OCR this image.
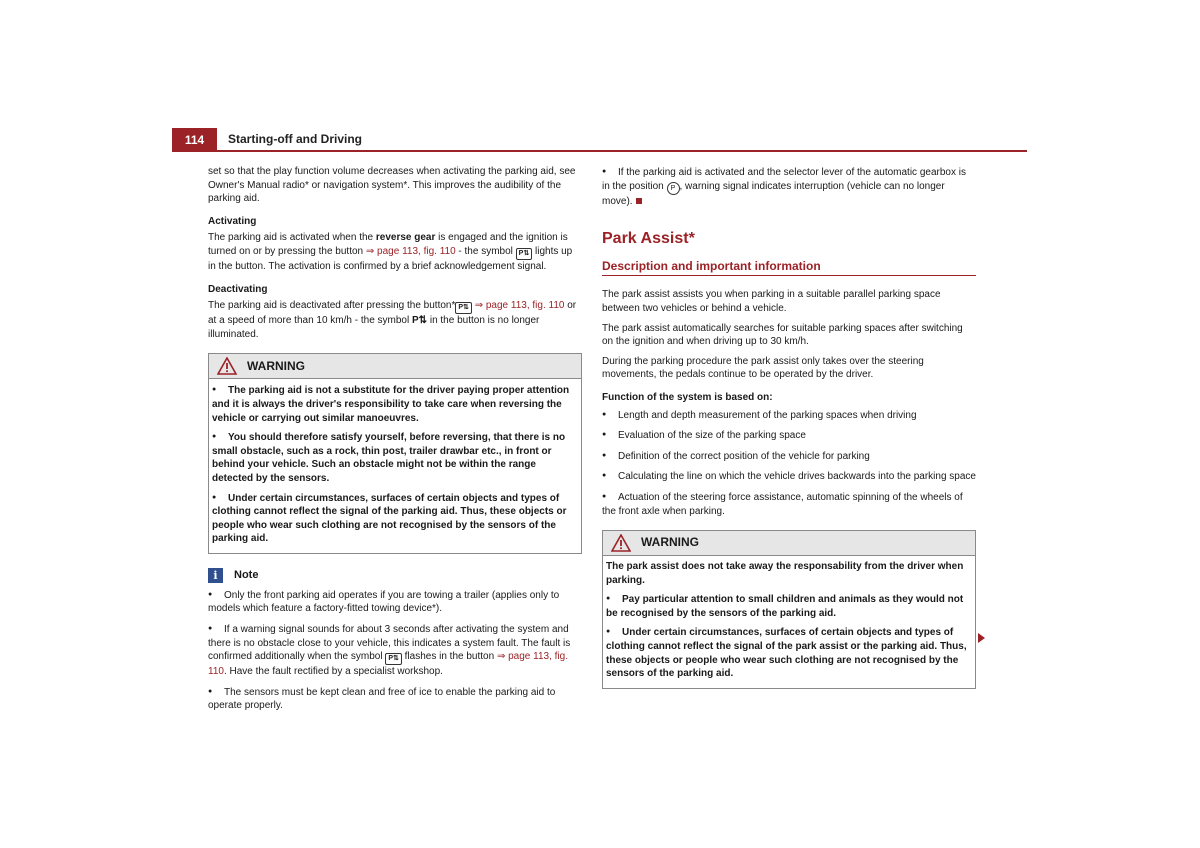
114	Starting-off and Driving

set so that the play function volume decreases when activating the parking aid, see Owner's Manual radio* or navigation system*. This improves the audibility of the parking aid.

Activating

The parking aid is activated when the reverse gear is engaged and the ignition is turned on or by pressing the button ⇒ page 113, fig. 110 - the symbol P⇅ lights up in the button. The activation is confirmed by a brief acknowledgement signal.

Deactivating

The parking aid is deactivated after pressing the button* P⇅ ⇒ page 113, fig. 110 or at a speed of more than 10 km/h - the symbol P⇅ in the button is no longer illuminated.

WARNING

●The parking aid is not a substitute for the driver paying proper attention and it is always the driver's responsibility to take care when reversing the vehicle or carrying out similar manoeuvres.

●You should therefore satisfy yourself, before reversing, that there is no small obstacle, such as a rock, thin post, trailer drawbar etc., in front or behind your vehicle. Such an obstacle might not be within the range detected by the sensors.

●Under certain circumstances, surfaces of certain objects and types of clothing cannot reflect the signal of the parking aid. Thus, these objects or people who wear such clothing are not recognised by the sensors of the parking aid.

i	Note

●Only the front parking aid operates if you are towing a trailer (applies only to models which feature a factory-fitted towing device*).

●If a warning signal sounds for about 3 seconds after activating the system and there is no obstacle close to your vehicle, this indicates a system fault. The fault is confirmed additionally when the symbol P⇅ flashes in the button ⇒ page 113, fig. 110. Have the fault rectified by a specialist workshop.

●The sensors must be kept clean and free of ice to enable the parking aid to operate properly.

●If the parking aid is activated and the selector lever of the automatic gearbox is in the position P , warning signal indicates interruption (vehicle can no longer move).

Park Assist*
Description and important information

The park assist assists you when parking in a suitable parallel parking space between two vehicles or behind a vehicle.

The park assist automatically searches for suitable parking spaces after switching on the ignition and when driving up to 30 km/h.

During the parking procedure the park assist only takes over the steering movements, the pedals continue to be operated by the driver.

Function of the system is based on:

●Length and depth measurement of the parking spaces when driving

●Evaluation of the size of the parking space

●Definition of the correct position of the vehicle for parking

●Calculating the line on which the vehicle drives backwards into the parking space

●Actuation of the steering force assistance, automatic spinning of the wheels of the front axle when parking.

WARNING

The park assist does not take away the responsability from the driver when parking.

●Pay particular attention to small children and animals as they would not be recognised by the sensors of the parking aid.

●Under certain circumstances, surfaces of certain objects and types of clothing cannot reflect the signal of the park assist or the parking aid. Thus, these objects or people who wear such clothing are not recognised by the sensors of the parking aid.
